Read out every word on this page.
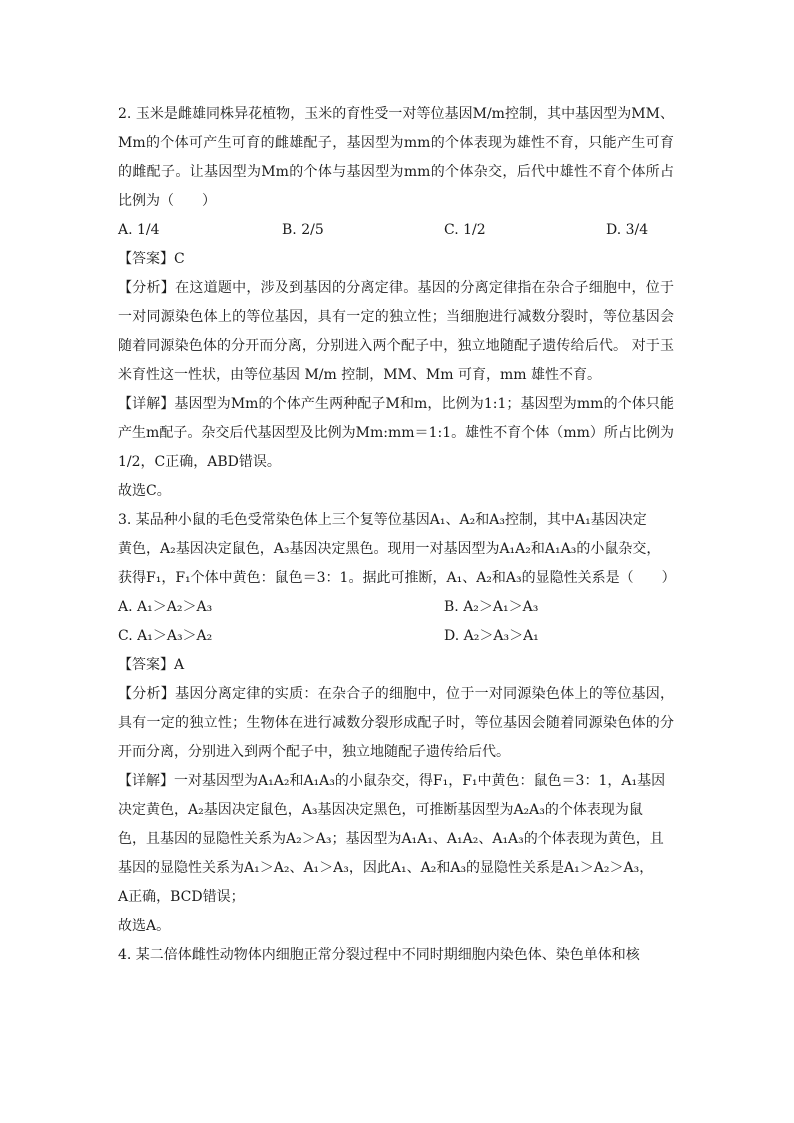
2. 玉米是雌雄同株异花植物，玉米的育性受一对等位基因M/m控制，其中基因型为MM、Mm的个体可产生可育的雌雄配子，基因型为mm的个体表现为雄性不育，只能产生可育的雌配子。让基因型为Mm的个体与基因型为mm的个体杂交，后代中雄性不育个体所占比例为（　　）

A. 1/4	B. 2/5	C. 1/2	D. 3/4

【答案】C

【分析】在这道题中，涉及到基因的分离定律。基因的分离定律指在杂合子细胞中，位于一对同源染色体上的等位基因，具有一定的独立性；当细胞进行减数分裂时，等位基因会随着同源染色体的分开而分离，分别进入两个配子中，独立地随配子遗传给后代。 对于玉米育性这一性状，由等位基因 M/m 控制，MM、Mm 可育，mm 雄性不育。

【详解】基因型为Mm的个体产生两种配子M和m，比例为1:1；基因型为mm的个体只能产生m配子。杂交后代基因型及比例为Mm:mm＝1:1。雄性不育个体（mm）所占比例为1/2，C正确，ABD错误。

故选C。

3. 某品种小鼠的毛色受常染色体上三个复等位基因A₁、A₂和A₃控制，其中A₁基因决定
黄色，A₂基因决定鼠色，A₃基因决定黑色。现用一对基因型为A₁A₂和A₁A₃的小鼠杂交，
获得F₁，F₁个体中黄色：鼠色＝3：1。据此可推断，A₁、A₂和A₃的显隐性关系是（　　）

A. A₁＞A₂＞A₃	B. A₂＞A₁＞A₃
C. A₁＞A₃＞A₂	D. A₂＞A₃＞A₁

【答案】A

【分析】基因分离定律的实质：在杂合子的细胞中，位于一对同源染色体上的等位基因，具有一定的独立性；生物体在进行减数分裂形成配子时，等位基因会随着同源染色体的分开而分离，分别进入到两个配子中，独立地随配子遗传给后代。

【详解】一对基因型为A₁A₂和A₁A₃的小鼠杂交，得F₁，F₁中黄色：鼠色＝3：1，A₁基因
决定黄色，A₂基因决定鼠色，A₃基因决定黑色，可推断基因型为A₂A₃的个体表现为鼠
色，且基因的显隐性关系为A₂＞A₃；基因型为A₁A₁、A₁A₂、A₁A₃的个体表现为黄色，且
基因的显隐性关系为A₁＞A₂、A₁＞A₃，因此A₁、A₂和A₃的显隐性关系是A₁＞A₂＞A₃，
A正确，BCD错误；

故选A。

4. 某二倍体雌性动物体内细胞正常分裂过程中不同时期细胞内染色体、染色单体和核
